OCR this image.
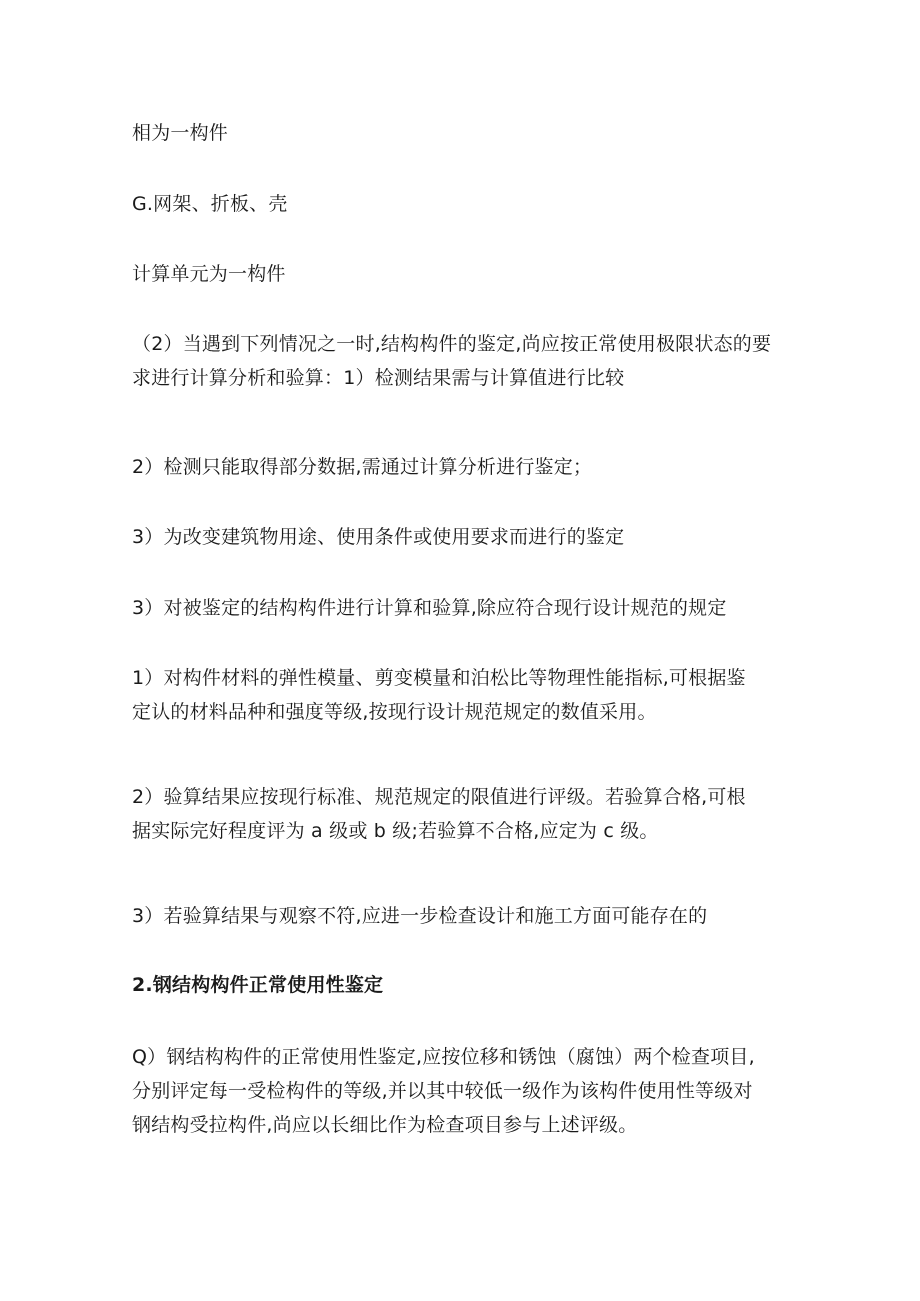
相为一构件

G.网架、折板、壳

计算单元为一构件

（2）当遇到下列情况之一时,结构构件的鉴定,尚应按正常使用极限状态的要
求进行计算分析和验算：1）检测结果需与计算值进行比较

2）检测只能取得部分数据,需通过计算分析进行鉴定；

3）为改变建筑物用途、使用条件或使用要求而进行的鉴定

3）对被鉴定的结构构件进行计算和验算,除应符合现行设计规范的规定

1）对构件材料的弹性模量、剪变模量和泊松比等物理性能指标,可根据鉴
定认的材料品种和强度等级,按现行设计规范规定的数值采用。
2）验算结果应按现行标准、规范规定的限值进行评级。若验算合格,可根
据实际完好程度评为 a 级或 b 级;若验算不合格,应定为 c 级。

3）若验算结果与观察不符,应进一步检查设计和施工方面可能存在的

2.钢结构构件正常使用性鉴定

Q）钢结构构件的正常使用性鉴定,应按位移和锈蚀（腐蚀）两个检查项目,
分别评定每一受检构件的等级,并以其中较低一级作为该构件使用性等级对
钢结构受拉构件,尚应以长细比作为检查项目参与上述评级。
